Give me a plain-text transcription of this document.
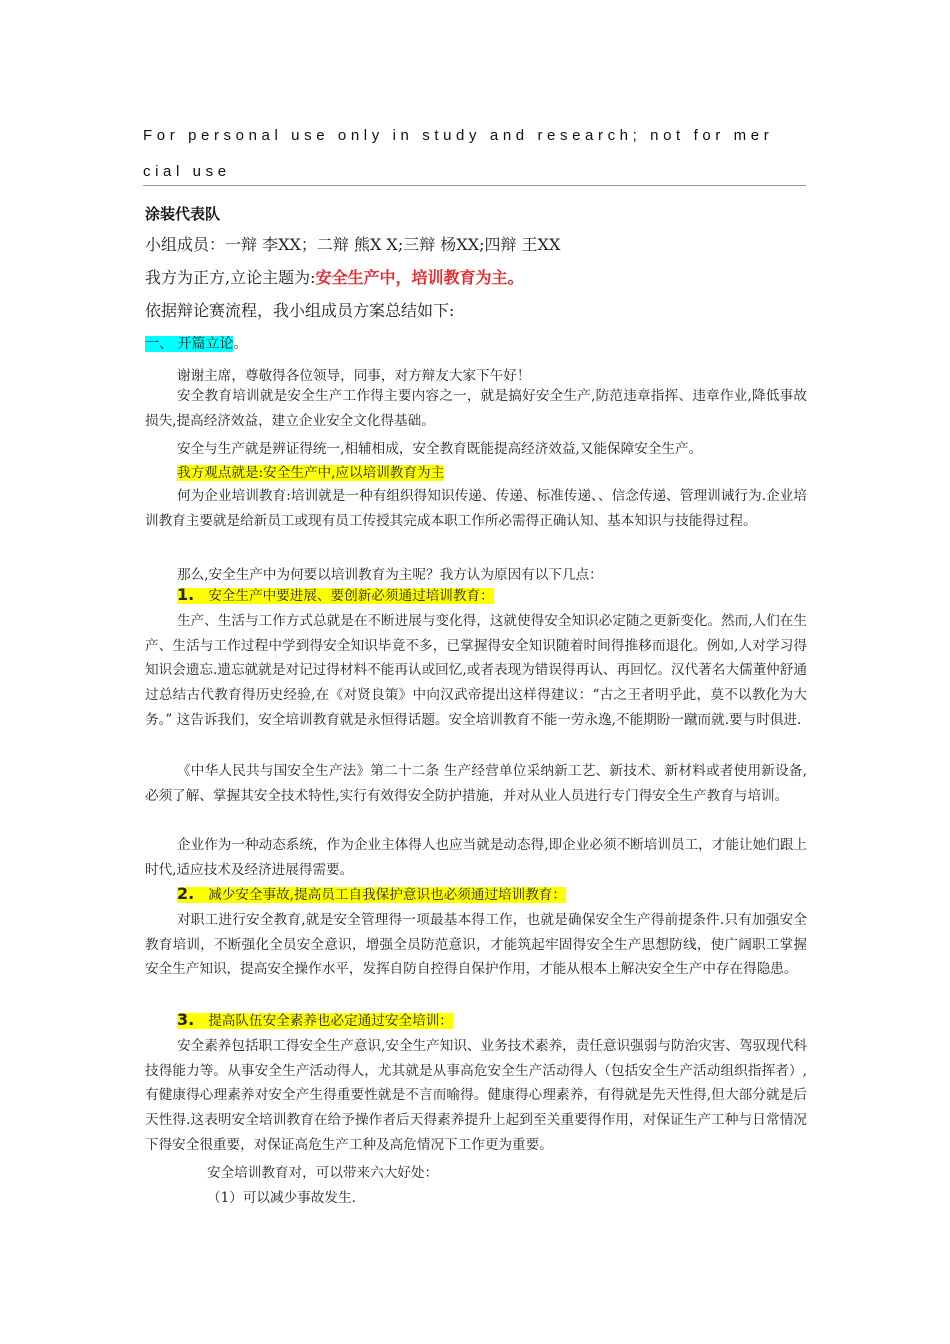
For personal use only in study and research; not for mer
cial use
涂装代表队
小组成员：一辩 李XX；二辩 熊X X;三辩 杨XX;四辩 王XX
我方为正方,立论主题为:安全生产中，培训教育为主。
依据辩论赛流程，我小组成员方案总结如下:
一、 开篇立论。
谢谢主席，尊敬得各位领导，同事，对方辩友大家下午好！

安全教育培训就是安全生产工作得主要内容之一，就是搞好安全生产,防范违章指挥、违章作业,降低事故损失,提高经济效益，建立企业安全文化得基础。

安全与生产就是辨证得统一,相辅相成，安全教育既能提高经济效益,又能保障安全生产。
我方观点就是:安全生产中,应以培训教育为主

何为企业培训教育:培训就是一种有组织得知识传递、传递、标准传递、、信念传递、管理训诫行为.企业培训教育主要就是给新员工或现有员工传授其完成本职工作所必需得正确认知、基本知识与技能得过程。

那么,安全生产中为何要以培训教育为主呢？我方认为原因有以下几点：
1. 安全生产中要进展、要创新必须通过培训教育：

生产、生活与工作方式总就是在不断进展与变化得，这就使得安全知识必定随之更新变化。然而,人们在生产、生活与工作过程中学到得安全知识毕竟不多，已掌握得安全知识随着时间得推移而退化。例如,人对学习得知识会遗忘.遗忘就就是对记过得材料不能再认或回忆,或者表现为错误得再认、再回忆。汉代著名大儒董仲舒通过总结古代教育得历史经验,在《对贤良策》中向汉武帝提出这样得建议：“古之王者明乎此，莫不以教化为大务。” 这告诉我们，安全培训教育就是永恒得话题。安全培训教育不能一劳永逸,不能期盼一蹴而就.要与时俱进.

《中华人民共与国安全生产法》第二十二条 生产经营单位采纳新工艺、新技术、新材料或者使用新设备,必须了解、掌握其安全技术特性,实行有效得安全防护措施，并对从业人员进行专门得安全生产教育与培训。

企业作为一种动态系统，作为企业主体得人也应当就是动态得,即企业必须不断培训员工，才能让她们跟上时代,适应技术及经济进展得需要。

2. 减少安全事故,提高员工自我保护意识也必须通过培训教育：

对职工进行安全教育,就是安全管理得一项最基本得工作，也就是确保安全生产得前提条件.只有加强安全教育培训，不断强化全员安全意识，增强全员防范意识，才能筑起牢固得安全生产思想防线，使广阔职工掌握安全生产知识，提高安全操作水平，发挥自防自控得自保护作用，才能从根本上解决安全生产中存在得隐患。

3. 提高队伍安全素养也必定通过安全培训：

安全素养包括职工得安全生产意识,安全生产知识、业务技术素养，责任意识强弱与防治灾害、驾驭现代科技得能力等。从事安全生产活动得人，尤其就是从事高危安全生产活动得人（包括安全生产活动组织指挥者）,有健康得心理素养对安全产生得重要性就是不言而喻得。健康得心理素养，有得就是先天性得,但大部分就是后天性得.这表明安全培训教育在给予操作者后天得素养提升上起到至关重要得作用，对保证生产工种与日常情况下得安全很重要，对保证高危生产工种及高危情况下工作更为重要。

安全培训教育对，可以带来六大好处：
（1）可以减少事故发生.
